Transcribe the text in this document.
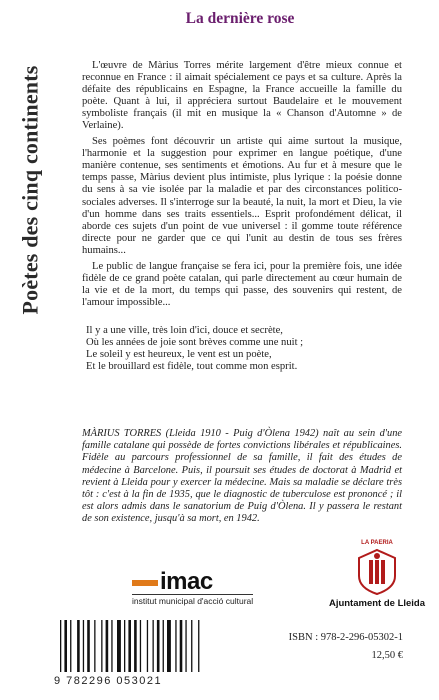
Poètes des cinq continents
La dernière rose

L'œuvre de Màrius Torres mérite largement d'être mieux connue et reconnue en France : il aimait spécialement ce pays et sa culture. Après la défaite des républicains en Espagne, la France accueille la famille du poète. Quant à lui, il appréciera surtout Baudelaire et le mouvement symboliste français (il mit en musique la « Chanson d'Automne » de Verlaine).

Ses poèmes font découvrir un artiste qui aime surtout la musique, l'harmonie et la suggestion pour exprimer en langue poétique, d'une manière contenue, ses sentiments et émotions. Au fur et à mesure que le temps passe, Màrius devient plus intimiste, plus lyrique : la poésie donne du sens à sa vie isolée par la maladie et par des circonstances politico-sociales adverses. Il s'interroge sur la beauté, la nuit, la mort et Dieu, la vie d'un homme dans ses traits essentiels... Esprit profondément délicat, il aborde ces sujets d'un point de vue universel : il gomme toute référence directe pour ne garder que ce qui l'unit au destin de tous ses frères humains...

Le public de langue française se fera ici, pour la première fois, une idée fidèle de ce grand poète catalan, qui parle directement au cœur humain de la vie et de la mort, du temps qui passe, des souvenirs qui restent, de l'amour impossible...

Il y a une ville, très loin d'ici, douce et secrète,
Où les années de joie sont brèves comme une nuit ;
Le soleil y est heureux, le vent est un poète,
Et le brouillard est fidèle, tout comme mon esprit.
MÀRIUS TORRES (Lleida 1910 - Puig d'Òlena 1942) naît au sein d'une famille catalane qui possède de fortes convictions libérales et républicaines. Fidèle au parcours professionnel de sa famille, il fait des études de médecine à Barcelone. Puis, il poursuit ses études de doctorat à Madrid et revient à Lleida pour y exercer la médecine. Mais sa maladie se déclare très tôt : c'est à la fin de 1935, que le diagnostic de tuberculose est prononcé ; il est alors admis dans le sanatorium de Puig d'Òlena. Il y passera le restant de son existence, jusqu'à sa mort, en 1942.
imac
institut municipal d'acció cultural
LA PAERIA
Ajuntament de Lleida
9 782296 053021
ISBN : 978-2-296-05302-1
12,50 €
